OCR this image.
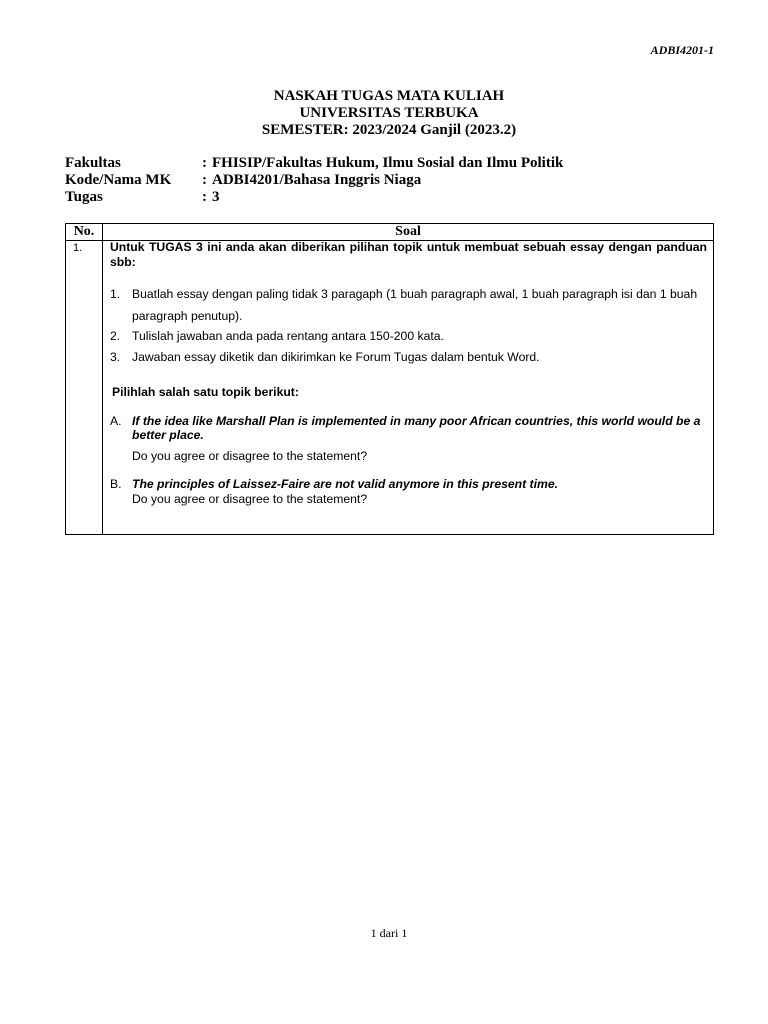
ADBI4201-1
NASKAH TUGAS MATA KULIAH
UNIVERSITAS TERBUKA
SEMESTER: 2023/2024 Ganjil (2023.2)
Fakultas	: FHISIP/Fakultas Hukum, Ilmu Sosial dan Ilmu Politik
Kode/Nama MK	: ADBI4201/Bahasa Inggris Niaga
Tugas	: 3
No.	Soal
1. Untuk TUGAS 3 ini anda akan diberikan pilihan topik untuk membuat sebuah essay dengan panduan sbb:
1. Buatlah essay dengan paling tidak 3 paragaph (1 buah paragraph awal, 1 buah paragraph isi dan 1 buah paragraph penutup).
2. Tulislah jawaban anda pada rentang antara 150-200 kata.
3. Jawaban essay diketik dan dikirimkan ke Forum Tugas dalam bentuk Word.
Pilihlah salah satu topik berikut:
A. If the idea like Marshall Plan is implemented in many poor African countries, this world would be a better place.
Do you agree or disagree to the statement?
B. The principles of Laissez-Faire are not valid anymore in this present time.
Do you agree or disagree to the statement?
1 dari 1
